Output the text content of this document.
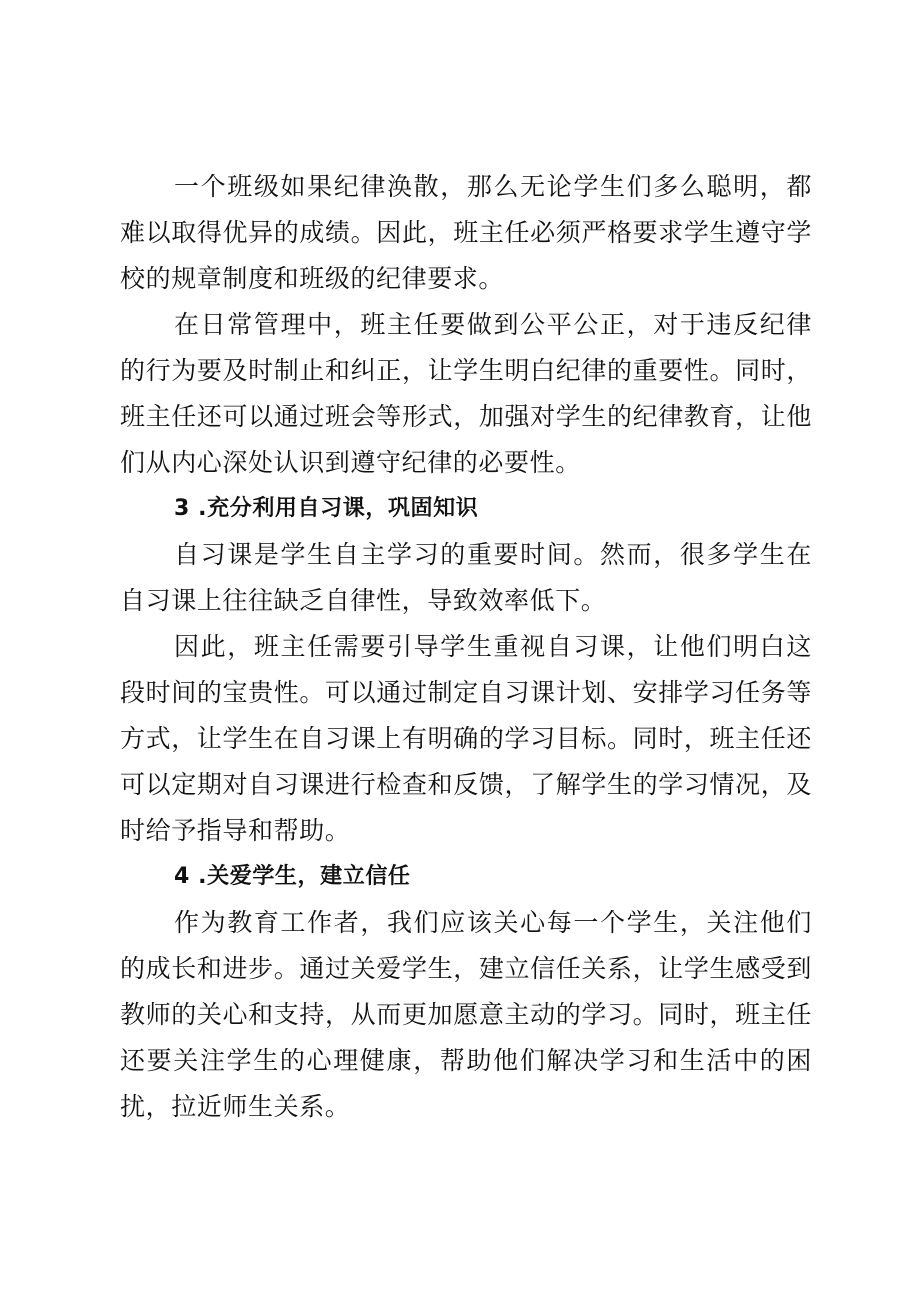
一个班级如果纪律涣散，那么无论学生们多么聪明，都难以取得优异的成绩。因此，班主任必须严格要求学生遵守学校的规章制度和班级的纪律要求。

在日常管理中，班主任要做到公平公正，对于违反纪律的行为要及时制止和纠正，让学生明白纪律的重要性。同时，班主任还可以通过班会等形式，加强对学生的纪律教育，让他们从内心深处认识到遵守纪律的必要性。

3 .充分利用自习课，巩固知识

自习课是学生自主学习的重要时间。然而，很多学生在自习课上往往缺乏自律性，导致效率低下。

因此，班主任需要引导学生重视自习课，让他们明白这段时间的宝贵性。可以通过制定自习课计划、安排学习任务等方式，让学生在自习课上有明确的学习目标。同时，班主任还可以定期对自习课进行检查和反馈，了解学生的学习情况，及时给予指导和帮助。

4 .关爱学生，建立信任

作为教育工作者，我们应该关心每一个学生，关注他们的成长和进步。通过关爱学生，建立信任关系，让学生感受到教师的关心和支持，从而更加愿意主动的学习。同时，班主任还要关注学生的心理健康，帮助他们解决学习和生活中的困扰，拉近师生关系。
